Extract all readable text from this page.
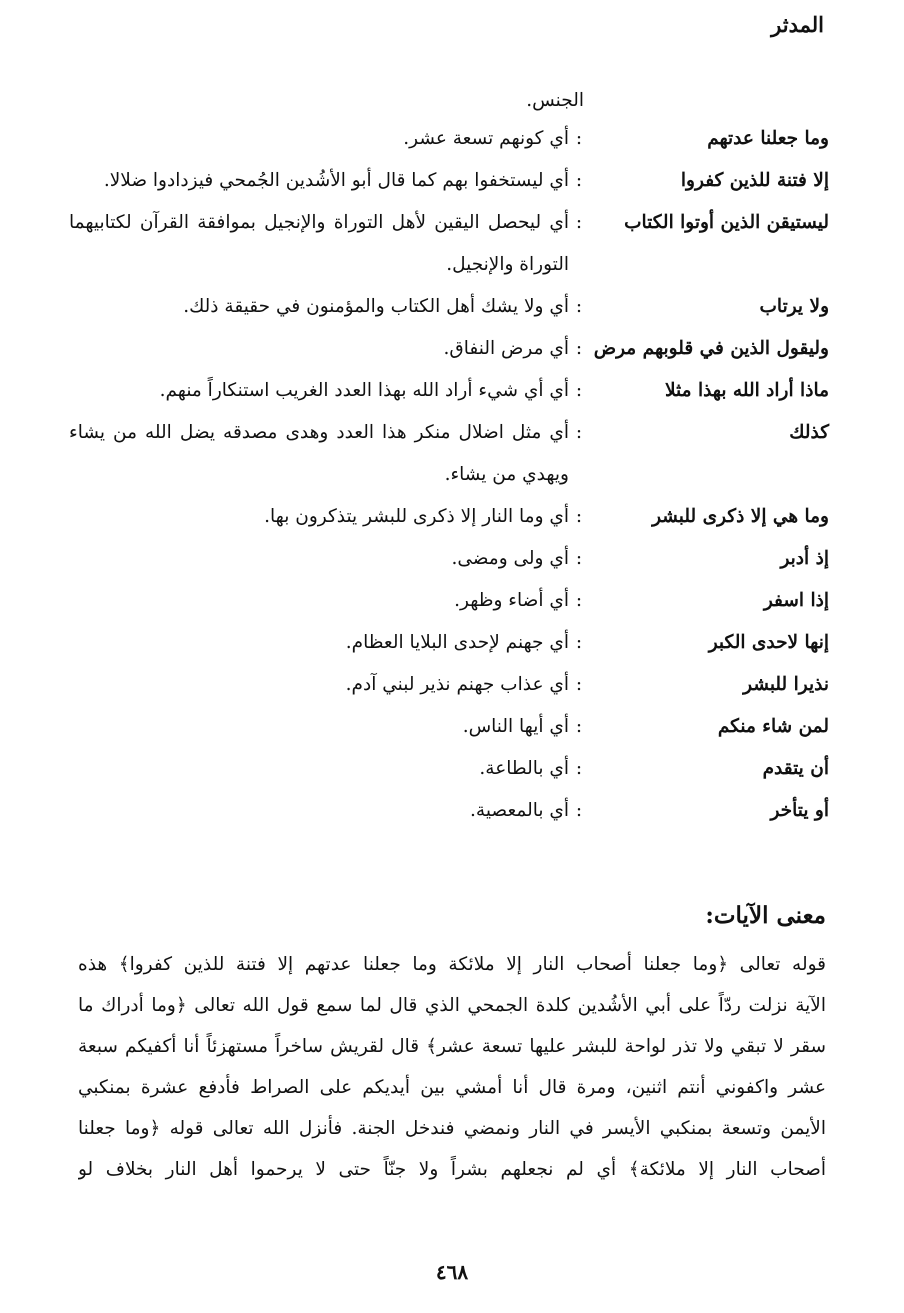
المدثر
الجنس.
وما جعلنا عدتهم
:
أي كونهم تسعة عشر.
إلا فتنة للذين كفروا
:
أي ليستخفوا بهم كما قال أبو الأشُدين الجُمحي فيزدادوا ضلالا.
ليستيقن الذين أوتوا الكتاب
:
أي ليحصل اليقين لأهل التوراة والإنجيل بموافقة القرآن لكتابيهما التوراة والإنجيل.
ولا يرتاب
:
أي ولا يشك أهل الكتاب والمؤمنون في حقيقة ذلك.
وليقول الذين في قلوبهم مرض
:
أي مرض النفاق.
ماذا أراد الله بهذا مثلا
:
أي أي شيء أراد الله بهذا العدد الغريب استنكاراً منهم.
كذلك
:
أي مثل اضلال منكر هذا العدد وهدى مصدقه يضل الله من يشاء ويهدي من يشاء.
وما هي إلا ذكرى للبشر
:
أي وما النار إلا ذكرى للبشر يتذكرون بها.
إذ أدبر
:
أي ولى ومضى.
إذا اسفر
:
أي أضاء وظهر.
إنها لاحدى الكبر
:
أي جهنم لإحدى البلايا العظام.
نذيرا للبشر
:
أي عذاب جهنم نذير لبني آدم.
لمن شاء منكم
:
أي أيها الناس.
أن يتقدم
:
أي بالطاعة.
أو يتأخر
:
أي بالمعصية.
معنى الآيات:
قوله تعالى ﴿وما جعلنا أصحاب النار إلا ملائكة وما جعلنا عدتهم إلا فتنة للذين كفروا﴾ هذه
الآية نزلت ردّاً على أبي الأشُدين كلدة الجمحي الذي قال لما سمع قول الله تعالى ﴿وما أدراك ما
سقر لا تبقي ولا تذر لواحة للبشر عليها تسعة عشر﴾ قال لقريش ساخراً مستهزئاً أنا أكفيكم سبعة
عشر واكفوني أنتم اثنين، ومرة قال أنا أمشي بين أيديكم على الصراط فأدفع عشرة بمنكبي
الأيمن وتسعة بمنكبي الأيسر في النار ونمضي فندخل الجنة. فأنزل الله تعالى قوله ﴿وما جعلنا
أصحاب النار إلا ملائكة﴾ أي لم نجعلهم بشراً ولا جنّاً حتى لا يرحموا أهل النار بخلاف لو
٤٦٨
